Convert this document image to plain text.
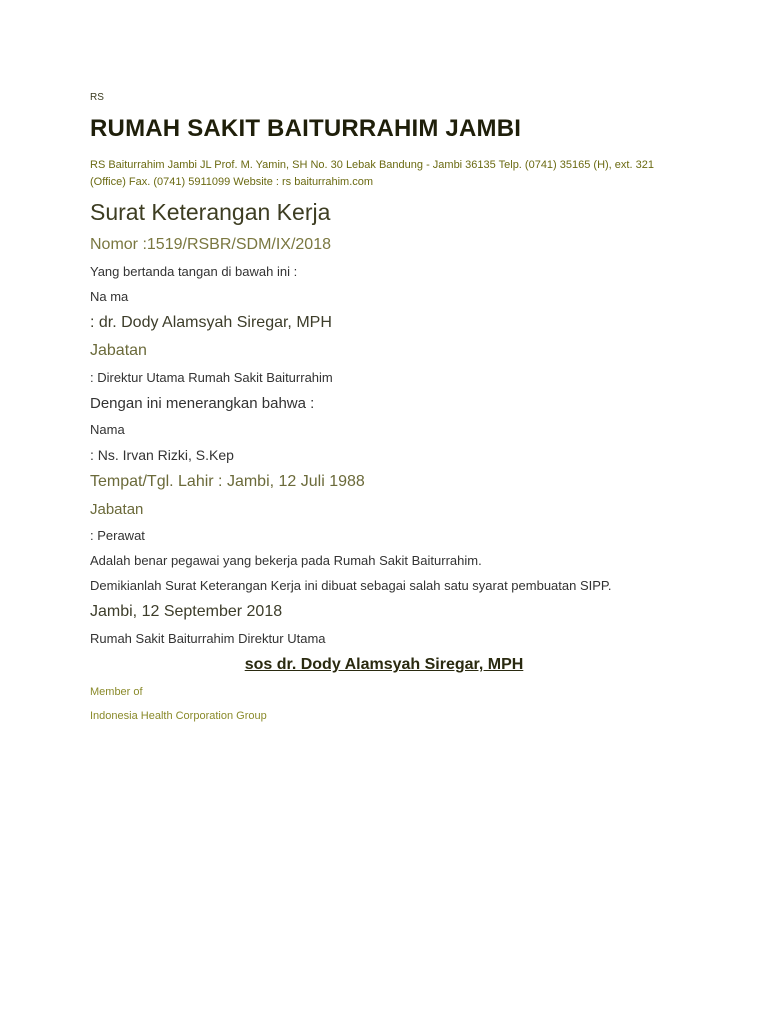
RS

RUMAH SAKIT BAITURRAHIM JAMBI

RS Baiturrahim Jambi JL Prof. M. Yamin, SH No. 30 Lebak Bandung - Jambi 36135 Telp. (0741) 35165 (H), ext. 321
(Office) Fax. (0741) 5911099 Website : rs baiturrahim.com

Surat Keterangan Kerja

Nomor :1519/RSBR/SDM/IX/2018

Yang bertanda tangan di bawah ini :

Na ma

: dr. Dody Alamsyah Siregar, MPH

Jabatan

: Direktur Utama Rumah Sakit Baiturrahim

Dengan ini menerangkan bahwa :

Nama

: Ns. Irvan Rizki, S.Kep

Tempat/Tgl. Lahir : Jambi, 12 Juli 1988

Jabatan

: Perawat

Adalah benar pegawai yang bekerja pada Rumah Sakit Baiturrahim.

Demikianlah Surat Keterangan Kerja ini dibuat sebagai salah satu syarat pembuatan SIPP.

Jambi, 12 September 2018

Rumah Sakit Baiturrahim Direktur Utama

sos dr. Dody Alamsyah Siregar, MPH

Member of

Indonesia Health Corporation Group
